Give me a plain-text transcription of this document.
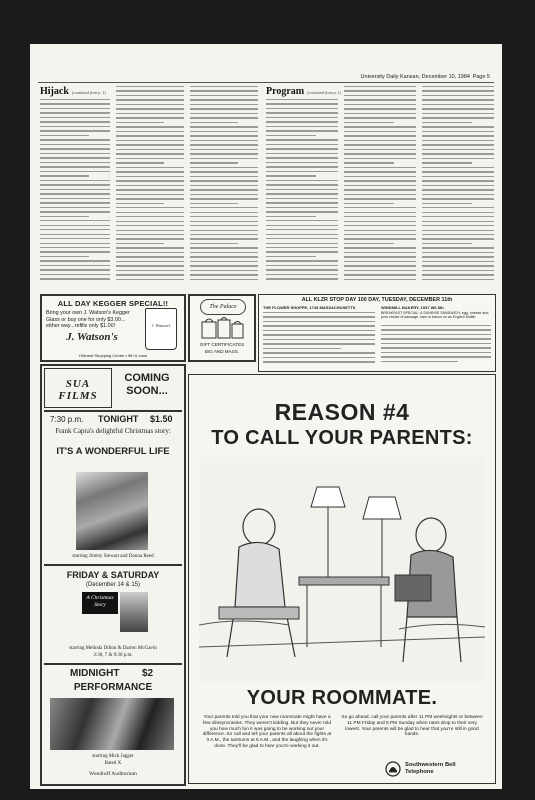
University Daily Kansan, December 10, 1984 Page 5
Hijack (continued from p. 1)	Program (continued from p. 1)
ALL DAY KEGGER SPECIAL!!
Bring your own J. Watson's Kegger Glass or buy one for only $3.00... either way...refills only $1.00!
J. Watson's
Hillcrest Shopping Center • 9th & Iowa
J. Watson's
The Palace
GIFT CERTIFICATES
BIG AND MASS.
ALL KLZR STOP DAY 100 DAY, TUESDAY, DECEMBER 11th
THE FLOWER SHOPPE, 1749 MASSACHUSETTS	WINDMILL BAKERY, 1537 W6 8th
BREAKFAST SPECIAL: A SUNRISE SANDWICH: egg, cheese and your choice of sausage, ham or bacon on an English Muffin
SUA FILMS
COMING SOON...
7:30 p.m. TONIGHT $1.50
Frank Capra's delightful Christmas story:
IT'S A WONDERFUL LIFE
starring Jimmy Stewart and Donna Reed
FRIDAY & SATURDAY
(December 14 & 15)
A Christmas Story
starring Melinda Dillon & Darren McGavin
3:30, 7 & 9:30 p.m.
MIDNIGHT $2
PERFORMANCE
starring Mick Jagger
Rated X
Woodruff Auditorium
REASON #4
TO CALL YOUR PARENTS:
YOUR ROOMMATE.
Your parents told you that your new roommate might have a few idiosyncrasies. They weren't kidding. But they never told you how much fun it was going to be working out your difference. So call and tell your parents all about the fights at 3 A.M., the tantrums at 5 A.M., and the laughing when it's done. They'll be glad to hear you're working it out.
So go ahead, call your parents after 11 PM weeknights or between 11 PM Friday and 5 PM Sunday when rates drop to their very lowest. Your parents will be glad to hear that you're still in good hands.
Southwestern Bell Telephone
